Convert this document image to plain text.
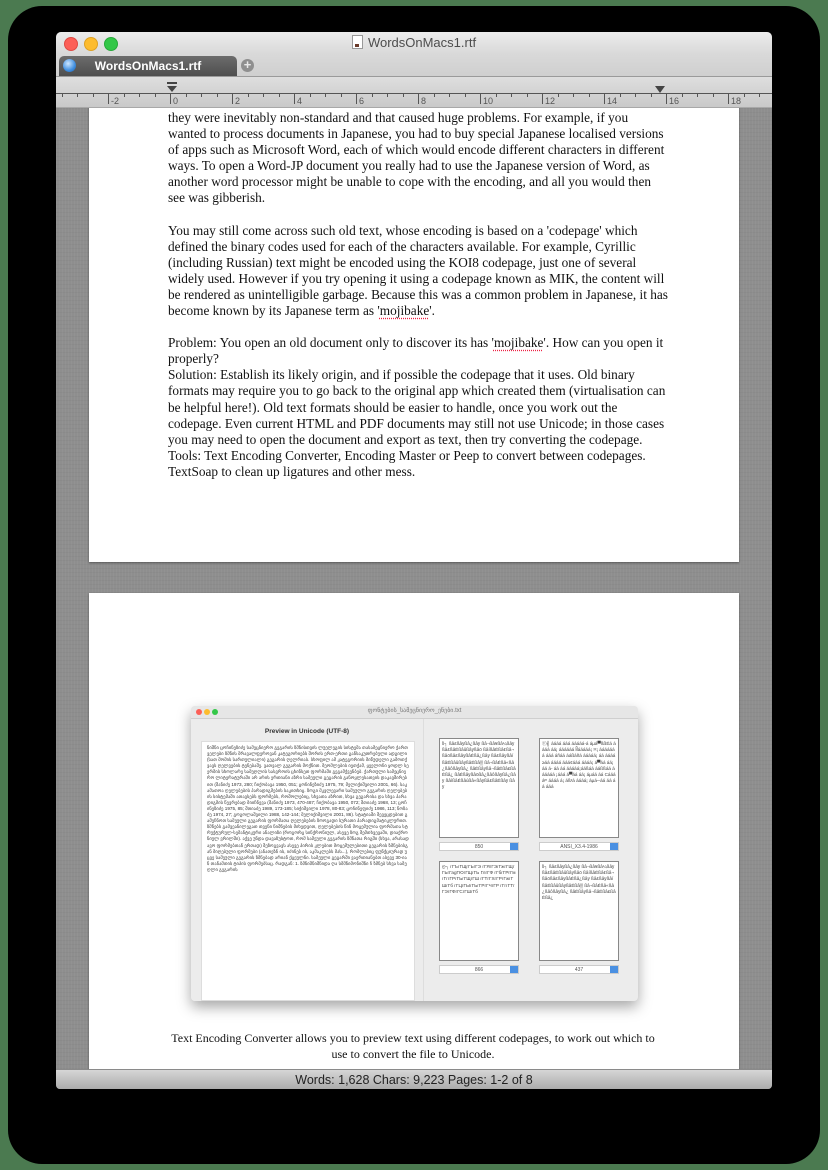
WordsOnMacs1.rtf
WordsOnMacs1.rtf	+
-2	0	2	4	6	8	10	12	14	16	18

they were inevitably non-standard and that caused huge problems. For example, if you wanted to process documents in Japanese, you had to buy special Japanese localised versions of apps such as Microsoft Word, each of which would encode different characters in different ways. To open a Word-JP document you really had to use the Japanese version of Word, as another word processor might be unable to cope with the encoding, and all you would then see was gibberish.

You may still come across such old text, whose encoding is based on a 'codepage' which defined the binary codes used for each of the characters available. For example, Cyrillic (including Russian) text might be encoded using the KOI8 codepage, just one of several widely used. However if you try opening it using a codepage known as MIK, the content will be rendered as unintelligible garbage. Because this was a common problem in Japanese, it has become known by its Japanese term as 'mojibake'.

Problem: You open an old document only to discover its has 'mojibake'. How can you open it properly?

Solution: Establish its likely origin, and if possible the codepage that it uses. Old binary formats may require you to go back to the original app which created them (virtualisation can be helpful here!). Old text formats should be easier to handle, once you work out the codepage. Even current HTML and PDF documents may still not use Unicode; in those cases you may need to open the document and export as text, then try converting the codepage.

Tools: Text Encoding Converter, Encoding Master or Peep to convert between codepages.

TextSoap to clean up ligatures and other mess.

ფონტების_სამეცნიერო_ენები.txt
Preview in Unicode (UTF-8)
ნიშნი ცოჩინეზიძე სამეცნიერო გეგარის ზმნისთვის ლუელეგის სისტემა თასამეცნიერო ქართველები ზმნის მრავალფეროვან კატეგორიებს შორის ერთ-ერთი განსაკუთრებული ადგილი (სათ მომის სართულიალი) გეგარის ღელრიას. სხოფილ ამ კატეგორიის მიწუდელი გამოთქვავს ღელვების ტენებაშე. ვათვალ გეგარის მოქნით. მეომლების იეთქამ, ყეელოჩი ყოდლ სეერმის სხოლარე სამეღლის სასვროის ცხინსეთ ფორმაში გეგამქვენბებ. ქართული სამეცნიერო ლიტერატურაში არ არის ერთიანი აზრი სამეული გეგარის განოყლესათვის დაკავშირებით (შანიძე 1973, 280; ჩიქობავა 1950, 051; ცოჩინეზიძე 1975, 79; მელიქიშვილი 2001, 66). საკამათოა ღელებების პარადიგმების საკითხიც. ზოგი მკვლევარი სამეულო გეგარის ღელებების სისტემაში ათავსებს ფორმებს, როშოლებიც, სხვათა აზრით, სხვა გეგარისა და სხვა პარადიგმის წევრებად მიიჩნევა (შანიძე 1973, 470-487; ჩიქობავა 1950, 072; შთიაძე 1968, 13; ცოჩინეზიძე 1975, 85; შთიაძე 1989, 173-185; სიჭიშვილი 1978, 80-83; ცოჩინეფიძე 1986, 113; ნოზაძე 1974, 27; გოგოლაშვილი 1988, 142-144; მელიქიშვილი 2001, 86). სტატიაში შევეცდებით გამეჩნოთ სამეული გეგარის ფორმათა ღელებების ზოოგადი სურათი პარადიგმატიკლურით. ზმნებს გამვეანილეგათ თვენი ნიშნების მიხედვით, ღელებების წინ მოცემულია ფორმათა სტრუქტურულ-სემანტიკური ანალიზი (როგორც სინქრონიულ, ასევე ზოგ შემთხვევაში, დიაქრონიულ ვრილში). აქვე უნდა დავაზუსტოთ, რომ სამეული გეგარის ზმნათა რიგში (სხვა, არასადავო ფორმებთან ერთად) შეზოგვავს ასევე პირის კლებით მოცემულებითი გეგარის ზმნებისგან მიღებული ფორმები (ანათეზნ ის, იძინებ ის, აკმაკლებს მას...), რომლებიც ფუნქციურად უცვე სამეული გეგარის ზმნებად არიან ქცეულნი. სამეული გეგარში ვაერთიანებთ ასევე 30-იან თანამთის ტიპის ფორმებსაც. რადგან: 1. ზმნიშნიშნიდა ღა სმმნიმონიშნი ჩ ზმნებ სხვა სამეღლი გეგარის
ზ┐ ßâ£ßâÿßâ¿ßâÿ ßâ¬ßâ¥ßâ¼ßâÿßâ£ßâÉßâûßâÿßâö ßâíßâÉßâ¢ßâ¬ßâößâ£ßâÿßâÉßâ¿ßâÿ ßâ£ßâÿßâíßâÉßâûßâÿßâÉßâ▒ ßâ¬ßâÉßâ«ßâ¿ßâôßâÿßâ¿ ßâÉßâÿßâ¬ßâÉßâ£ßâÉßâ¿ ßâÉßâÿßâößâ¿ßâôßâÿßâ¿ßâÿ ßâíßâÉßâúßâ«ßâÿßâ£ßâÉßâÿ ßâÿ
850
Ⓕ╣ áááá ááá ááááá-á áµá▀ßßÉá áááá áá¡ áááááá ᥤááááá¡ ᵡᵡ¡ ááááááá ááá áñáá ááßáñá ááááá¡ áá áááá≥áá áááá ááá¢ááá áááá¡ á▀áá áá¡ áá á- áá áá ááááá¡ááßáá ááßßáá áááááá ¡ááá á▀áá áá¡ áµáá áá Cááááᵐ áááá á¡ áßᵡá áááá¡ áµá─áá áá áá ááá
ANSI_X3.4-1986
ღ┐ гГЪгГЩгГЬгГЭ гГЯгГЭгГжгГЩгГЬгГаgГЮгГЩгГЬ ГлгГФ гГбгГРгГмгГггГРгГЬгГЩгГШ гГТгГХгГРгГжгГШгГб гГЦгГЫгГЬгГРгГЧгГР гГггГТгГЭгГФгГСгГШгГб
866
ზ┐ ßâ£ßâÿßâ¿ßâÿ ßâ¬ßâ¥ßâ¼ßâÿßâ£ßâÉßâûßâÿßâö ßâíßâÉßâ¢ßâ¬ßâößâ£ßâÿßâÉßâ¿ßâÿ ßâ£ßâÿßâíßâÉßâûßâÿßâÉßâ▒ ßâ¬ßâÉßâ«ßâ¿ßâôßâÿßâ¿ ßâÉßâÿßâ¬ßâÉßâ£ßâÉßâ¿
437
Text Encoding Converter allows you to preview text using different codepages, to work out which to use to convert the file to Unicode.
Words: 1,628 Chars: 9,223 Pages: 1-2 of 8
